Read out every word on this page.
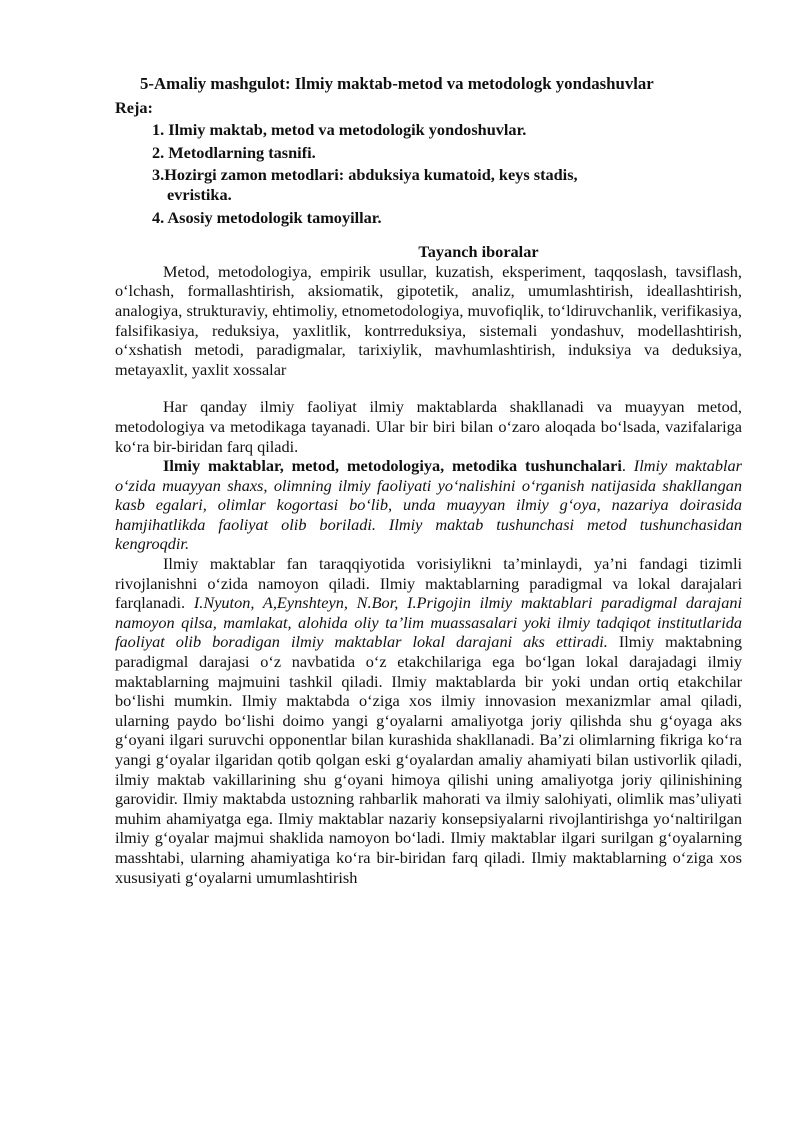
5-Amaliy mashgulot: Ilmiy maktab-metod va metodologk yondashuvlar
Reja:
1. Ilmiy maktab, metod va metodologik yondoshuvlar.
2. Metodlarning tasnifi.
3.Hozirgi zamon metodlari: abduksiya kumatoid, keys stadis,
evristika.
4. Asosiy metodologik tamoyillar.
Tayanch iboralar

Metod, metodologiya, empirik usullar, kuzatish, eksperiment, taqqoslash, tavsiflash, o‘lchash, formallashtirish, aksiomatik, gipotetik, analiz, umumlashtirish, ideallashtirish, analogiya, strukturaviy, ehtimoliy, etnometodologiya, muvofiqlik, to‘ldiruvchanlik, verifikasiya, falsifikasiya, reduksiya, yaxlitlik, kontrreduksiya, sistemali yondashuv, modellashtirish, o‘xshatish metodi, paradigmalar, tarixiylik, mavhumlashtirish, induksiya va deduksiya, metayaxlit, yaxlit xossalar

Har qanday ilmiy faoliyat ilmiy maktablarda shakllanadi va muayyan metod, metodologiya va metodikaga tayanadi. Ular bir biri bilan o‘zaro aloqada bo‘lsada, vazifalariga ko‘ra bir-biridan farq qiladi.

Ilmiy maktablar, metod, metodologiya, metodika tushunchalari. Ilmiy maktablar o‘zida muayyan shaxs, olimning ilmiy faoliyati yo‘nalishini o‘rganish natijasida shakllangan kasb egalari, olimlar kogortasi bo‘lib, unda muayyan ilmiy g‘oya, nazariya doirasida hamjihatlikda faoliyat olib boriladi. Ilmiy maktab tushunchasi metod tushunchasidan kengroqdir.

Ilmiy maktablar fan taraqqiyotida vorisiylikni ta’minlaydi, ya’ni fandagi tizimli rivojlanishni o‘zida namoyon qiladi. Ilmiy maktablarning paradigmal va lokal darajalari farqlanadi. I.Nyuton, A,Eynshteyn, N.Bor, I.Prigojin ilmiy maktablari paradigmal darajani namoyon qilsa, mamlakat, alohida oliy ta’lim muassasalari yoki ilmiy tadqiqot institutlarida faoliyat olib boradigan ilmiy maktablar lokal darajani aks ettiradi. Ilmiy maktabning paradigmal darajasi o‘z navbatida o‘z etakchilariga ega bo‘lgan lokal darajadagi ilmiy maktablarning majmuini tashkil qiladi. Ilmiy maktablarda bir yoki undan ortiq etakchilar bo‘lishi mumkin. Ilmiy maktabda o‘ziga xos ilmiy innovasion mexanizmlar amal qiladi, ularning paydo bo‘lishi doimo yangi g‘oyalarni amaliyotga joriy qilishda shu g‘oyaga aks g‘oyani ilgari suruvchi opponentlar bilan kurashida shakllanadi. Ba’zi olimlarning fikriga ko‘ra yangi g‘oyalar ilgaridan qotib qolgan eski g‘oyalardan amaliy ahamiyati bilan ustivorlik qiladi, ilmiy maktab vakillarining shu g‘oyani himoya qilishi uning amaliyotga joriy qilinishining garovidir. Ilmiy maktabda ustozning rahbarlik mahorati va ilmiy salohiyati, olimlik mas’uliyati muhim ahamiyatga ega. Ilmiy maktablar nazariy konsepsiyalarni rivojlantirishga yo‘naltirilgan ilmiy g‘oyalar majmui shaklida namoyon bo‘ladi. Ilmiy maktablar ilgari surilgan g‘oyalarning masshtabi, ularning ahamiyatiga ko‘ra bir-biridan farq qiladi. Ilmiy maktablarning o‘ziga xos xususiyati g‘oyalarni umumlashtirish
